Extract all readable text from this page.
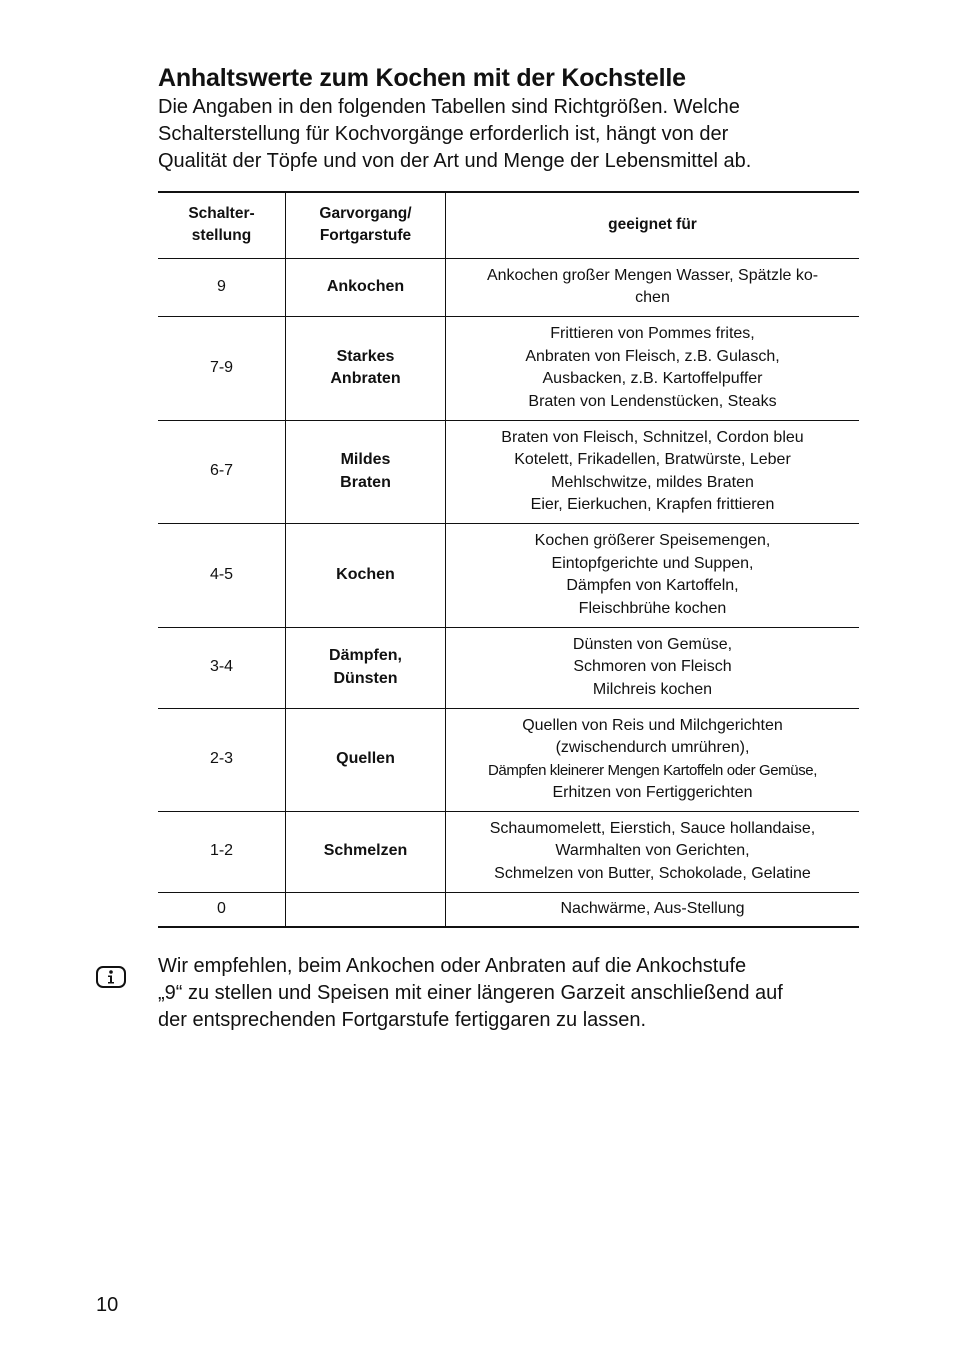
Anhaltswerte zum Kochen mit der Kochstelle
Die Angaben in den folgenden Tabellen sind Richtgrößen. Welche
Schalterstellung für Kochvorgänge erforderlich ist, hängt von der
Qualität der Töpfe und von der Art und Menge der Lebensmittel ab.
Schalter-
stellung	Garvorgang/
Fortgarstufe	geeignet für
9	Ankochen	Ankochen großer Mengen Wasser, Spätzle ko-
chen

7-9	Starkes
Anbraten	Frittieren von Pommes frites,
Anbraten von Fleisch, z.B. Gulasch,
Ausbacken, z.B. Kartoffelpuffer
Braten von Lendenstücken, Steaks

6-7	Mildes
Braten	Braten von Fleisch, Schnitzel, Cordon bleu
Kotelett, Frikadellen, Bratwürste, Leber
Mehlschwitze, mildes Braten
Eier, Eierkuchen, Krapfen frittieren

4-5	Kochen	Kochen größerer Speisemengen,
Eintopfgerichte und Suppen,
Dämpfen von Kartoffeln,
Fleischbrühe kochen

3-4	Dämpfen,
Dünsten	Dünsten von Gemüse,
Schmoren von Fleisch
Milchreis kochen

2-3	Quellen	Quellen von Reis und Milchgerichten
(zwischendurch umrühren),
Dämpfen kleinerer Mengen Kartoffeln oder Gemüse,
Erhitzen von Fertiggerichten

1-2	Schmelzen	Schaumomelett, Eierstich, Sauce hollandaise,
Warmhalten von Gerichten,
Schmelzen von Butter, Schokolade, Gelatine

0		Nachwärme, Aus-Stellung
Wir empfehlen, beim Ankochen oder Anbraten auf die Ankochstufe
„9“ zu stellen und Speisen mit einer längeren Garzeit anschließend auf
der entsprechenden Fortgarstufe fertiggaren zu lassen.
10
